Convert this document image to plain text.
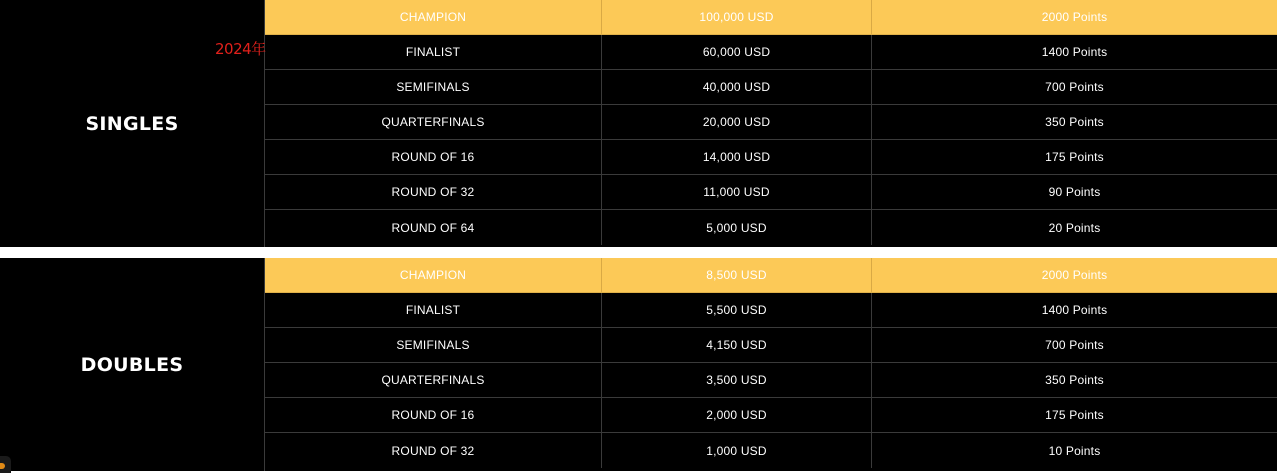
SINGLES
CHAMPION	100,000 USD	2000 Points
FINALIST	60,000 USD	1400 Points
SEMIFINALS	40,000 USD	700 Points
QUARTERFINALS	20,000 USD	350 Points
ROUND OF 16	14,000 USD	175 Points
ROUND OF 32	11,000 USD	90 Points
ROUND OF 64	5,000 USD	20 Points
DOUBLES
CHAMPION	8,500 USD	2000 Points
FINALIST	5,500 USD	1400 Points
SEMIFINALS	4,150 USD	700 Points
QUARTERFINALS	3,500 USD	350 Points
ROUND OF 16	2,000 USD	175 Points
ROUND OF 32	1,000 USD	10 Points
2024年
